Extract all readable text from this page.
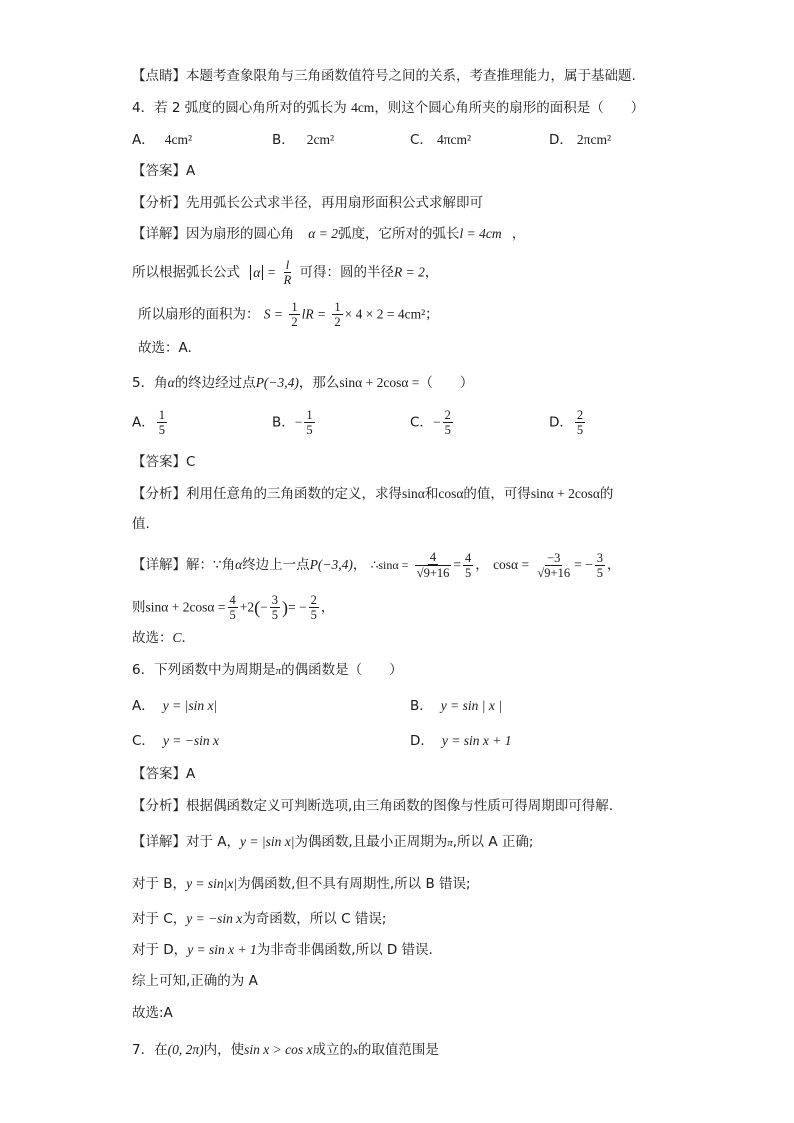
【点睛】本题考查象限角与三角函数值符号之间的关系，考查推理能力，属于基础题.
4．若 2 弧度的圆心角所对的弧长为 4cm，则这个圆心角所夹的扇形的面积是（　　）
A． 4cm²	B． 2cm²	C． 4πcm²	D． 2πcm²
【答案】A
【分析】先用弧长公式求半径，再用扇形面积公式求解即可
【详解】因为扇形的圆心角 α = 2弧度，它所对的弧长l = 4cm ，
所以根据弧长公式 $\alpha = \frac{l}{R}$ 可得：圆的半径R = 2，
所以扇形的面积为： $S = \frac{1}{2}$ lR = $\frac{1}{2} \times 4 \times 2 = 4cm^2$；
故选：A.
5．角α的终边经过点P(−3,4)，那么sinα + 2cosα =（　　）
A． $\frac{1}{5}$	B．− $\frac{1}{5}$	C．− $\frac{2}{5}$	D． $\frac{2}{5}$
【答案】C
【分析】利用任意角的三角函数的定义，求得sinα和cosα的值，可得sinα + 2cosα的
值.
【详解】解：∵角α终边上一点P(−3,4)， ∴sinα = $\frac{4}{√9+16} = \frac{4}{5}$ ， $\cos\alpha = \frac{-3}{√9+16}$ = − $\frac{3}{5}$ ，
则$\sin\alpha + 2\cos\alpha = \frac{4}{5} +2(- \frac{3}{5}$ )= − $\frac{2}{5}$ ，
故选：C．
6．下列函数中为周期是π的偶函数是（　　）
A． y = |sin x|	B． y = sin | x |
C． y = −sin x	D． y = sin x + 1
【答案】A
【分析】根据偶函数定义可判断选项,由三角函数的图像与性质可得周期即可得解.
【详解】对于 A，y = |sin x|为偶函数,且最小正周期为π,所以 A 正确;
对于 B，y = sin|x|为偶函数,但不具有周期性,所以 B 错误;
对于 C，y = −sin x为奇函数，所以 C 错误;
对于 D，y = sin x + 1为非奇非偶函数,所以 D 错误.
综上可知,正确的为 A
故选:A
7．在(0, 2π)内，使sin x > cos x成立的x的取值范围是
